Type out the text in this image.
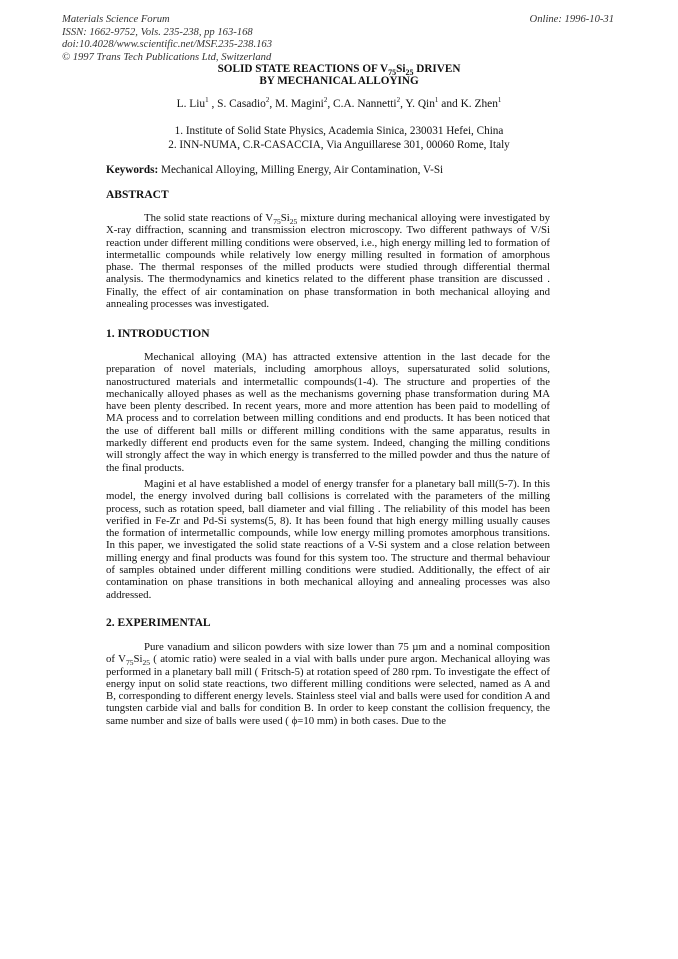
Materials Science Forum
ISSN: 1662-9752, Vols. 235-238, pp 163-168
doi:10.4028/www.scientific.net/MSF.235-238.163
© 1997 Trans Tech Publications Ltd, Switzerland
Online: 1996-10-31
SOLID STATE REACTIONS OF $V_{75}Si_{25}$ DRIVEN
BY MECHANICAL ALLOYING
L. Liu$^1$ , S. Casadio$^2$, M. Magini$^2$, C.A. Nannetti$^2$, Y. Qin$^1$ and K. Zhen$^1$
1. Institute of Solid State Physics, Academia Sinica, 230031 Hefei, China
2. INN-NUMA, C.R-CASACCIA, Via Anguillarese 301, 00060 Rome, Italy
Keywords: Mechanical Alloying, Milling Energy, Air Contamination, V-Si
ABSTRACT

The solid state reactions of $V_{75}Si_{25}$ mixture during mechanical alloying were investigated by X-ray diffraction, scanning and transmission electron microscopy. Two different pathways of V/Si reaction under different milling conditions were observed, i.e., high energy milling led to formation of intermetallic compounds while relatively low energy milling resulted in formation of amorphous phase. The thermal responses of the milled products were studied through differential thermal analysis. The thermodynamics and kinetics related to the different phase transition are discussed . Finally, the effect of air contamination on phase transformation in both mechanical alloying and annealing processes was investigated.

1. INTRODUCTION

Mechanical alloying (MA) has attracted extensive attention in the last decade for the preparation of novel materials, including amorphous alloys, supersaturated solid solutions, nanostructured materials and intermetallic compounds(1-4). The structure and properties of the mechanically alloyed phases as well as the mechanisms governing phase transformation during MA have been plenty described. In recent years, more and more attention has been paid to modelling of MA process and to correlation between milling conditions and end products. It has been noticed that the use of different ball mills or different milling conditions with the same apparatus, results in markedly different end products even for the same system. Indeed, changing the milling conditions will strongly affect the way in which energy is transferred to the milled powder and thus the nature of the final products.

Magini et al have established a model of energy transfer for a planetary ball mill(5-7). In this model, the energy involved during ball collisions is correlated with the parameters of the milling process, such as rotation speed, ball diameter and vial filling . The reliability of this model has been verified in Fe-Zr and Pd-Si systems(5, 8). It has been found that high energy milling usually causes the formation of intermetallic compounds, while low energy milling promotes amorphous transitions. In this paper, we investigated the solid state reactions of a V-Si system and a close relation between milling energy and final products was found for this system too. The structure and thermal behaviour of samples obtained under different milling conditions were studied. Additionally, the effect of air contamination on phase transitions in both mechanical alloying and annealing processes was also addressed.

2. EXPERIMENTAL

Pure vanadium and silicon powders with size lower than 75 µm and a nominal composition of $V_{75}Si_{25}$ ( atomic ratio) were sealed in a vial with balls under pure argon. Mechanical alloying was performed in a planetary ball mill ( Fritsch-5) at rotation speed of 280 rpm. To investigate the effect of energy input on solid state reactions, two different milling conditions were selected, named as A and B, corresponding to different energy levels. Stainless steel vial and balls were used for condition A and tungsten carbide vial and balls for condition B. In order to keep constant the collision frequency, the same number and size of balls were used ( ϕ=10 mm) in both cases. Due to the
